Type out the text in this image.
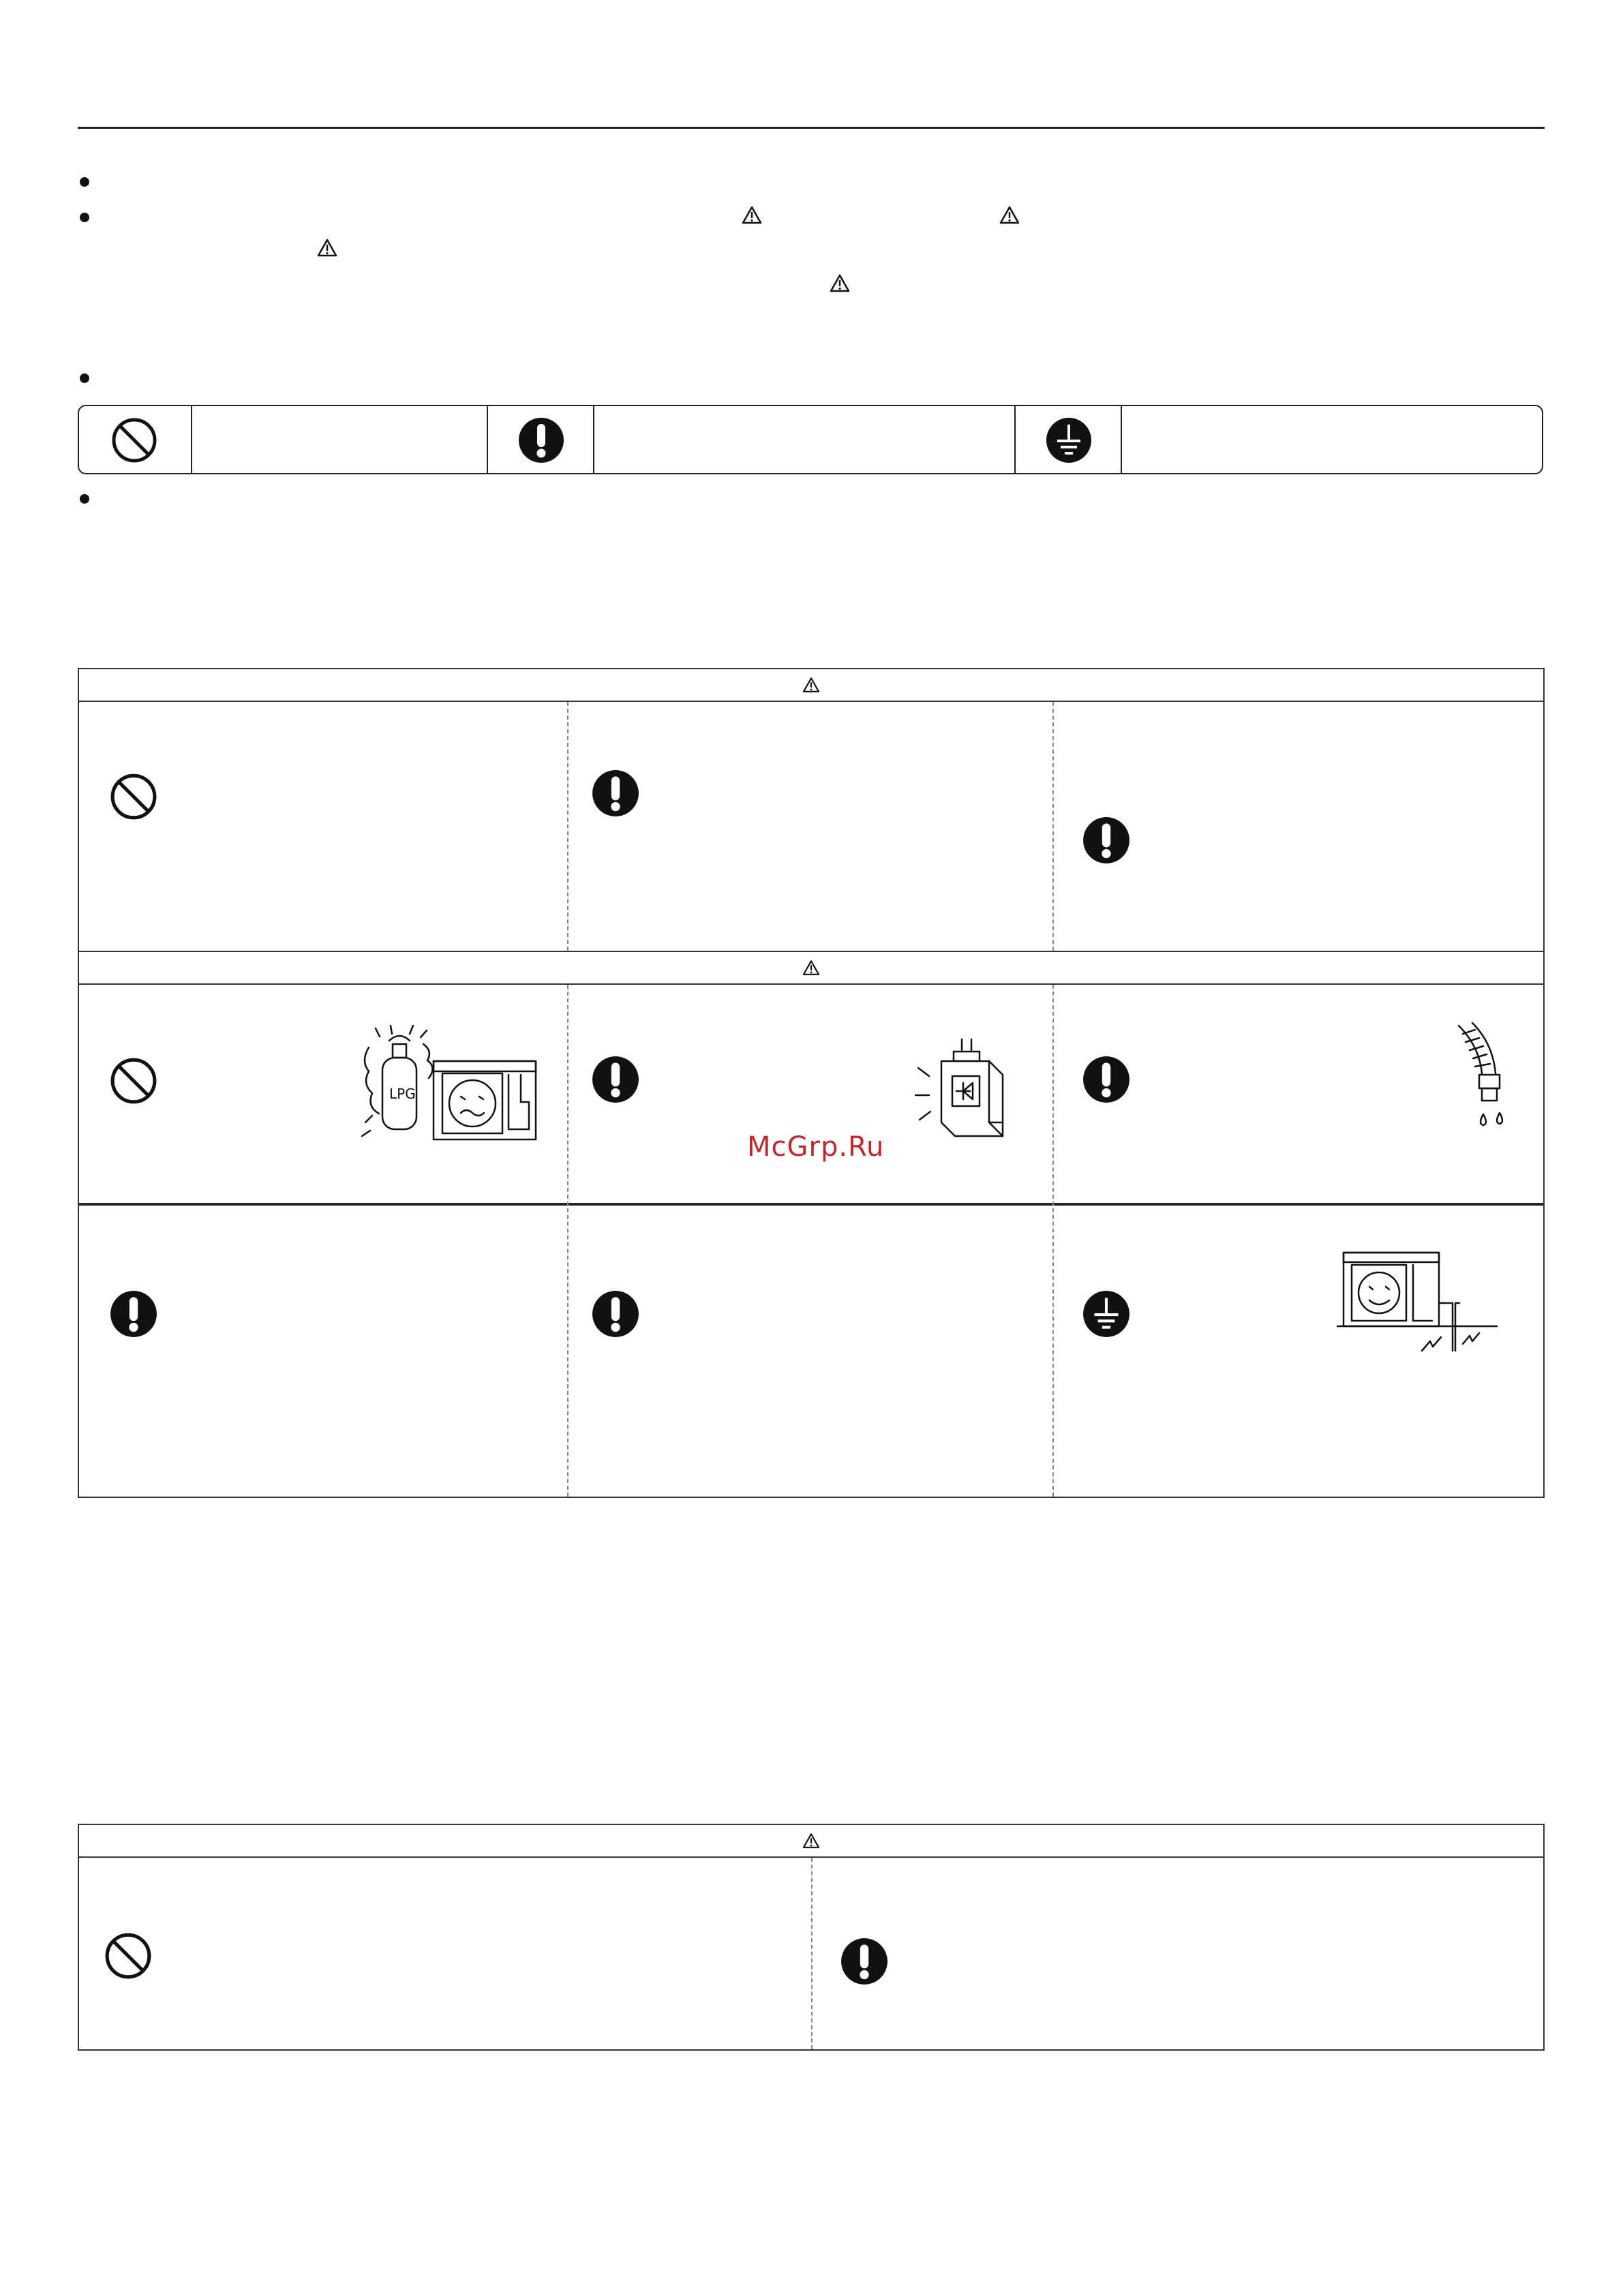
LPG
McGrp.Ru
